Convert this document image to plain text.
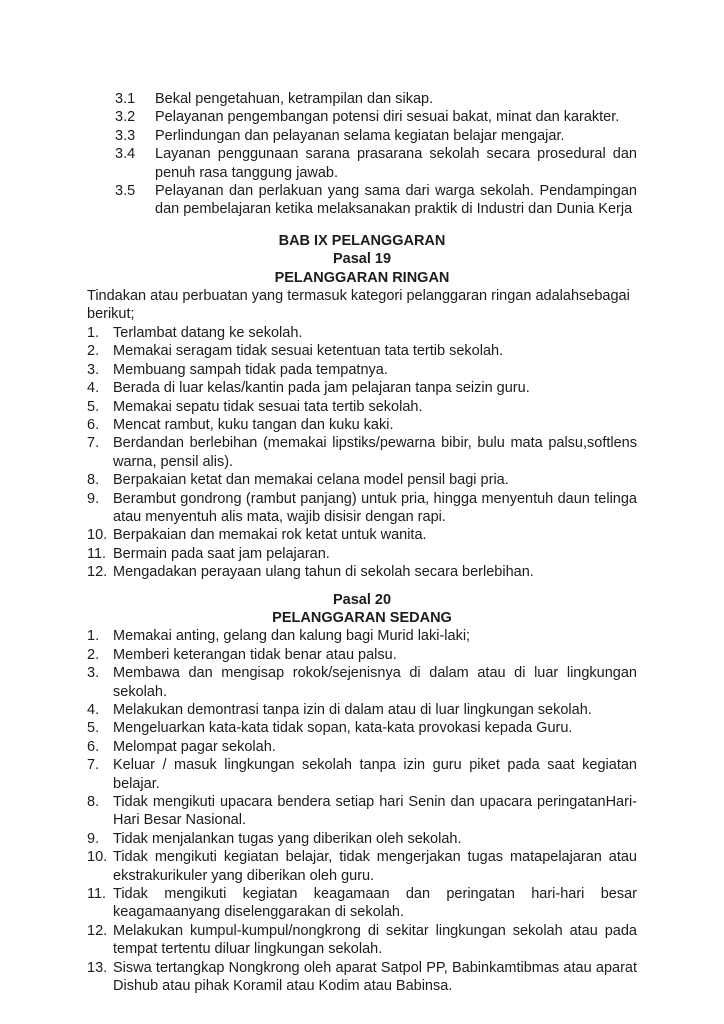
3.1 Bekal pengetahuan, ketrampilan dan sikap.
3.2 Pelayanan pengembangan potensi diri sesuai bakat, minat dan karakter.
3.3 Perlindungan dan pelayanan selama kegiatan belajar mengajar.
3.4 Layanan penggunaan sarana prasarana sekolah secara prosedural dan penuh rasa tanggung jawab.
3.5 Pelayanan dan perlakuan yang sama dari warga sekolah. Pendampingan dan pembelajaran ketika melaksanakan praktik di Industri dan Dunia Kerja

BAB IX PELANGGARAN

Pasal 19

PELANGGARAN RINGAN

Tindakan atau perbuatan yang termasuk kategori pelanggaran ringan adalahsebagai berikut;

1. Terlambat datang ke sekolah.
2. Memakai seragam tidak sesuai ketentuan tata tertib sekolah.
3. Membuang sampah tidak pada tempatnya.
4. Berada di luar kelas/kantin pada jam pelajaran tanpa seizin guru.
5. Memakai sepatu tidak sesuai tata tertib sekolah.
6. Mencat rambut, kuku tangan dan kuku kaki.
7. Berdandan berlebihan (memakai lipstiks/pewarna bibir, bulu mata palsu,softlens warna, pensil alis).
8. Berpakaian ketat dan memakai celana model pensil bagi pria.
9. Berambut gondrong (rambut panjang) untuk pria, hingga menyentuh daun telinga atau menyentuh alis mata, wajib disisir dengan rapi.
10. Berpakaian dan memakai rok ketat untuk wanita.
11. Bermain pada saat jam pelajaran.
12. Mengadakan perayaan ulang tahun di sekolah secara berlebihan.

Pasal 20

PELANGGARAN SEDANG

1. Memakai anting, gelang dan kalung bagi Murid laki-laki;
2. Memberi keterangan tidak benar atau palsu.
3. Membawa dan mengisap rokok/sejenisnya di dalam atau di luar lingkungan sekolah.
4. Melakukan demontrasi tanpa izin di dalam atau di luar lingkungan sekolah.
5. Mengeluarkan kata-kata tidak sopan, kata-kata provokasi kepada Guru.
6. Melompat pagar sekolah.
7. Keluar / masuk lingkungan sekolah tanpa izin guru piket pada saat kegiatan belajar.
8. Tidak mengikuti upacara bendera setiap hari Senin dan upacara peringatanHari-Hari Besar Nasional.
9. Tidak menjalankan tugas yang diberikan oleh sekolah.
10. Tidak mengikuti kegiatan belajar, tidak mengerjakan tugas matapelajaran atau ekstrakurikuler yang diberikan oleh guru.
11. Tidak mengikuti kegiatan keagamaan dan peringatan hari-hari besar keagamaanyang diselenggarakan di sekolah.
12. Melakukan kumpul-kumpul/nongkrong di sekitar lingkungan sekolah atau pada tempat tertentu diluar lingkungan sekolah.
13. Siswa tertangkap Nongkrong oleh aparat Satpol PP, Babinkamtibmas atau aparat Dishub atau pihak Koramil atau Kodim atau Babinsa.
